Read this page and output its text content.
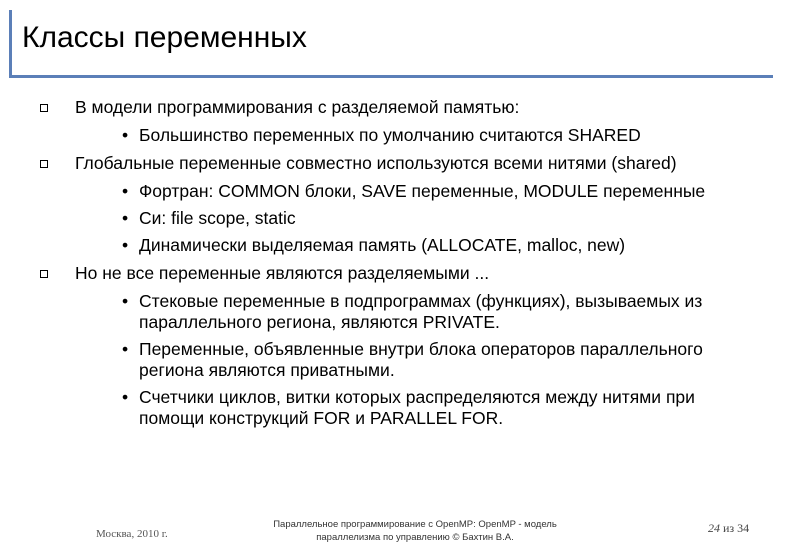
Классы переменных
В модели программирования с разделяемой памятью:
• Большинство переменных по умолчанию считаются SHARED
Глобальные переменные совместно используются всеми нитями (shared)
• Фортран: COMMON блоки, SAVE переменные, MODULE переменные
• Си: file scope, static
• Динамически выделяемая память (ALLOCATE, malloc, new)
Но не все переменные являются разделяемыми ...
• Стековые переменные в подпрограммах (функциях), вызываемых из параллельного региона, являются PRIVATE.
• Переменные, объявленные внутри блока операторов параллельного региона являются приватными.
• Счетчики циклов, витки которых распределяются между нитями при помощи конструкций FOR и PARALLEL FOR.
Москва, 2010 г.
Параллельное программирование с OpenMP: OpenMP - модель
параллелизма по управлению © Бахтин В.А.
24 из 34
